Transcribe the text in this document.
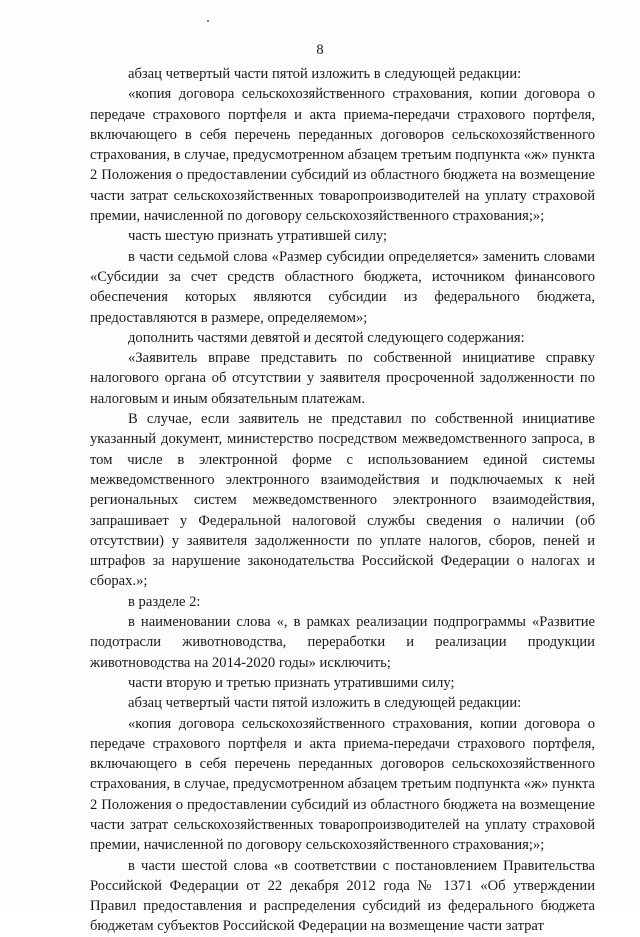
8

абзац четвертый части пятой изложить в следующей редакции:

«копия договора сельскохозяйственного страхования, копии договора о передаче страхового портфеля и акта приема-передачи страхового портфеля, включающего в себя перечень переданных договоров сельскохозяйственного страхования, в случае, предусмотренном абзацем третьим подпункта «ж» пункта 2 Положения о предоставлении субсидий из областного бюджета на возмещение части затрат сельскохозяйственных товаропроизводителей на уплату страховой премии, начисленной по договору сельскохозяйственного страхования;»;

часть шестую признать утратившей силу;

в части седьмой слова «Размер субсидии определяется» заменить словами «Субсидии за счет средств областного бюджета, источником финансового обеспечения которых являются субсидии из федерального бюджета, предоставляются в размере, определяемом»;

дополнить частями девятой и десятой следующего содержания:

«Заявитель вправе представить по собственной инициативе справку налогового органа об отсутствии у заявителя просроченной задолженности по налоговым и иным обязательным платежам.

В случае, если заявитель не представил по собственной инициативе указанный документ, министерство посредством межведомственного запроса, в том числе в электронной форме с использованием единой системы межведомственного электронного взаимодействия и подключаемых к ней региональных систем межведомственного электронного взаимодействия, запрашивает у Федеральной налоговой службы сведения о наличии (об отсутствии) у заявителя задолженности по уплате налогов, сборов, пеней и штрафов за нарушение законодательства Российской Федерации о налогах и сборах.»;

в разделе 2:

в наименовании слова «, в рамках реализации подпрограммы «Развитие подотрасли животноводства, переработки и реализации продукции животноводства на 2014-2020 годы» исключить;

части вторую и третью признать утратившими силу;

абзац четвертый части пятой изложить в следующей редакции:

«копия договора сельскохозяйственного страхования, копии договора о передаче страхового портфеля и акта приема-передачи страхового портфеля, включающего в себя перечень переданных договоров сельскохозяйственного страхования, в случае, предусмотренном абзацем третьим подпункта «ж» пункта 2 Положения о предоставлении субсидий из областного бюджета на возмещение части затрат сельскохозяйственных товаропроизводителей на уплату страховой премии, начисленной по договору сельскохозяйственного страхования;»;

в части шестой слова «в соответствии с постановлением Правительства Российской Федерации от 22 декабря 2012 года № 1371 «Об утверждении Правил предоставления и распределения субсидий из федерального бюджета бюджетам субъектов Российской Федерации на возмещение части затрат
